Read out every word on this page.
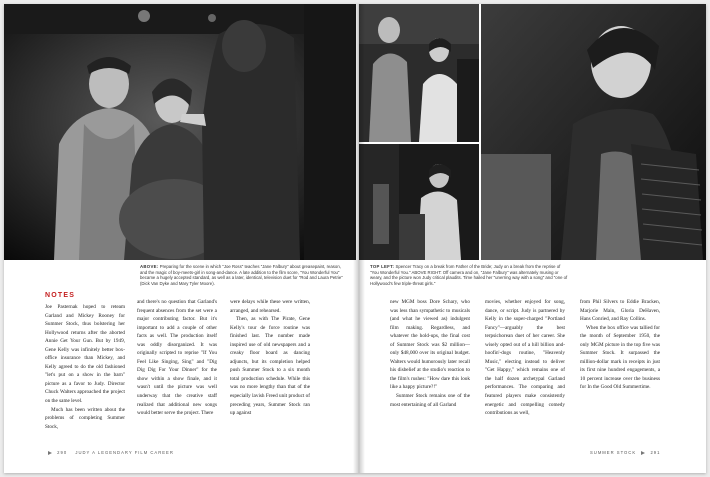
ABOVE: Preparing for the scene in which "Joe Ross" teaches "Jane Falbury" about greasepaint, reason, and the magic of boy-meets-girl in song-and-dance. A late addition to the film score, "You Wonderful You" became a hugely accepted standard, as well as a later, identical, television duet for "Rod and Laura Petrie" (Dick Van Dyke and Mary Tyler Moore).
TOP LEFT: Spencer Tracy on a break from Father of the Bride; Judy on a break from the reprise of "You Wonderful You." ABOVE RIGHT: Off camera and on, "Jane Falbury" was alternately musing or weary, and the picture won Judy critical plaudits. Time hailed her "unerring way with a song" and "one of Hollywood's few triple-threat girls."
NOTES

Joe Pasternak hoped to reteam Garland and Mickey Rooney for Summer Stock, thus bolstering her Hollywood returns after the aborted Annie Get Your Gun. But by 1949, Gene Kelly was infinitely better box-office insurance than Mickey, and Kelly agreed to do the old fashioned "let's put on a show in the barn" picture as a favor to Judy. Director Chuck Walters approached the project on the same level.

Much has been written about the problems of completing Summer Stock,

and there's no question that Garland's frequent absences from the set were a major contributing factor. But it's important to add a couple of other facts as well. The production itself was oddly disorganized. It was originally scripted to reprise "If You Feel Like Singing, Sing" and "Dig Dig Dig For Your Dinner" for the show within a show finale, and it wasn't until the picture was well underway that the creative staff realized that additional new songs would better serve the project. There

were delays while these were written, arranged, and rehearsed.

Then, as with The Pirate, Gene Kelly's tour de force routine was finished last. The number made inspired use of old newspapers and a creaky floor board as dancing adjuncts, but its completion helped push Summer Stock to a six month total production schedule. While this was no more lengthy than that of the especially lavish Freed unit product of preceding years, Summer Stock ran up against

290 JUDY A LEGENDARY FILM CAREER

new MGM boss Dore Schary, who was less than sympathetic to musicals (and what he viewed as) indulgent film making. Regardless, and whatever the hold-ups, the final cost of Summer Stock was $2 million—only $48,000 over its original budget. Walters would humorously later recall his disbelief at the studio's reaction to the film's rushes: "How dare this look like a happy picture?!"

Summer Stock remains one of the most entertaining of all Garland

movies, whether enjoyed for song, dance, or script. Judy is partnered by Kelly in the super-charged "Portland Fancy"—arguably the best terpsichorean duet of her career. She wisely opted out of a hill billion and-hoofin'-dogs routine, "Heavenly Music," electing instead to deliver "Get Happy," which remains one of the half dozen archetypal Garland performances. The comparing and featured players make consistently energetic and compelling comedy contributions as well,

from Phil Silvers to Eddie Bracken, Marjorie Main, Gloria DeHaven, Hans Conried, and Ray Collins.

When the box office was tallied for the month of September 1950, the only MGM picture in the top five was Summer Stock. It surpassed the million-dollar mark in receipts in just its first nine hundred engagements, a 10 percent increase over the business for In the Good Old Summertime.

SUMMER STOCK	291
